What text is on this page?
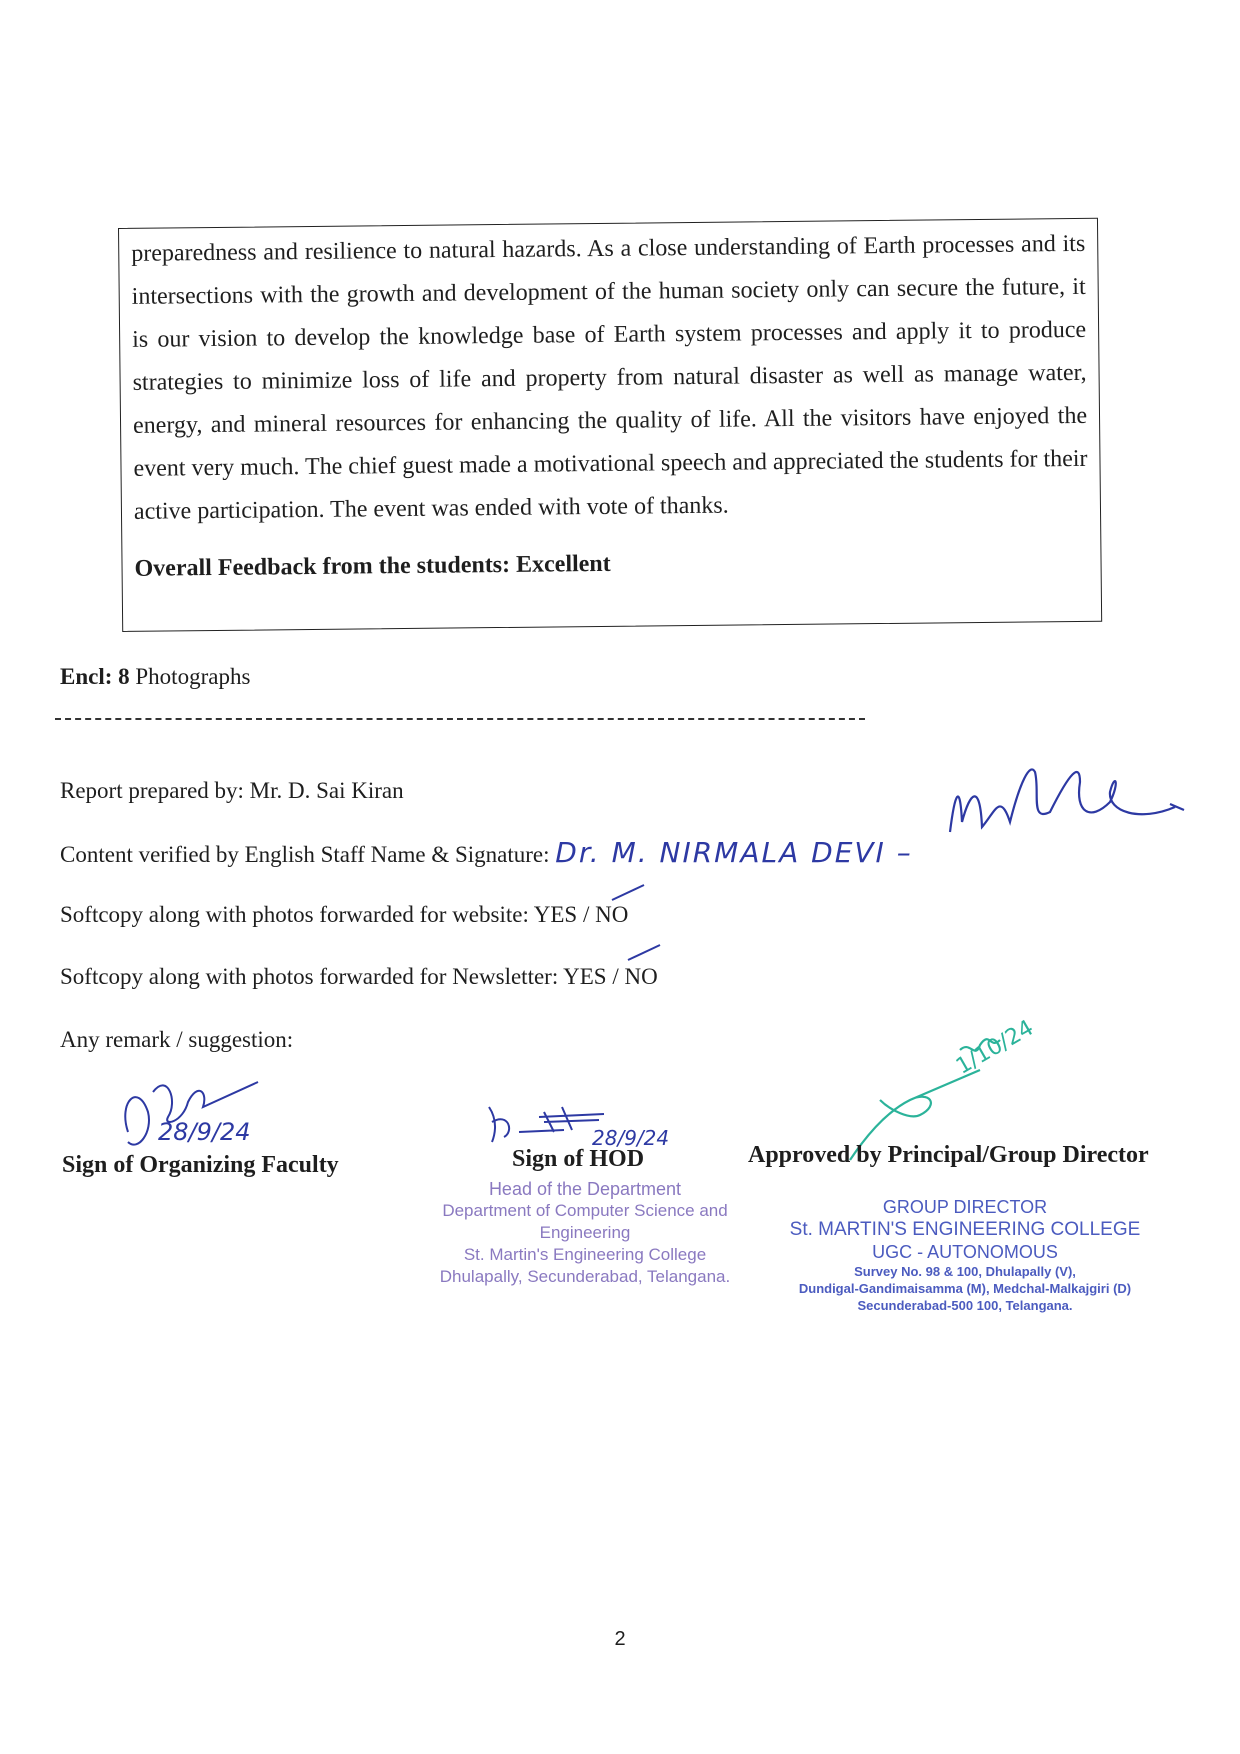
preparedness and resilience to natural hazards. As a close understanding of Earth processes and its intersections with the growth and development of the human society only can secure the future, it is our vision to develop the knowledge base of Earth system processes and apply it to produce strategies to minimize loss of life and property from natural disaster as well as manage water, energy, and mineral resources for enhancing the quality of life. All the visitors have enjoyed the event very much. The chief guest made a motivational speech and appreciated the students for their active participation. The event was ended with vote of thanks.

Overall Feedback from the students: Excellent
Encl: 8 Photographs
Report prepared by: Mr. D. Sai Kiran
Content verified by English Staff Name & Signature: Dr. M. NIRMALA DEVI –
Softcopy along with photos forwarded for website: YES / NO
Softcopy along with photos forwarded for Newsletter: YES / NO
Any remark / suggestion:
28/9/24
Sign of Organizing Faculty
28/9/24
Sign of HOD
Head of the Department
Department of Computer Science and Engineering
St. Martin's Engineering College
Dhulapally, Secunderabad, Telangana.
1/10/24
Approved by Principal/Group Director
GROUP DIRECTOR
St. MARTIN'S ENGINEERING COLLEGE
UGC - AUTONOMOUS
Survey No. 98 & 100, Dhulapally (V),
Dundigal-Gandimaisamma (M), Medchal-Malkajgiri (D)
Secunderabad-500 100, Telangana.
2
